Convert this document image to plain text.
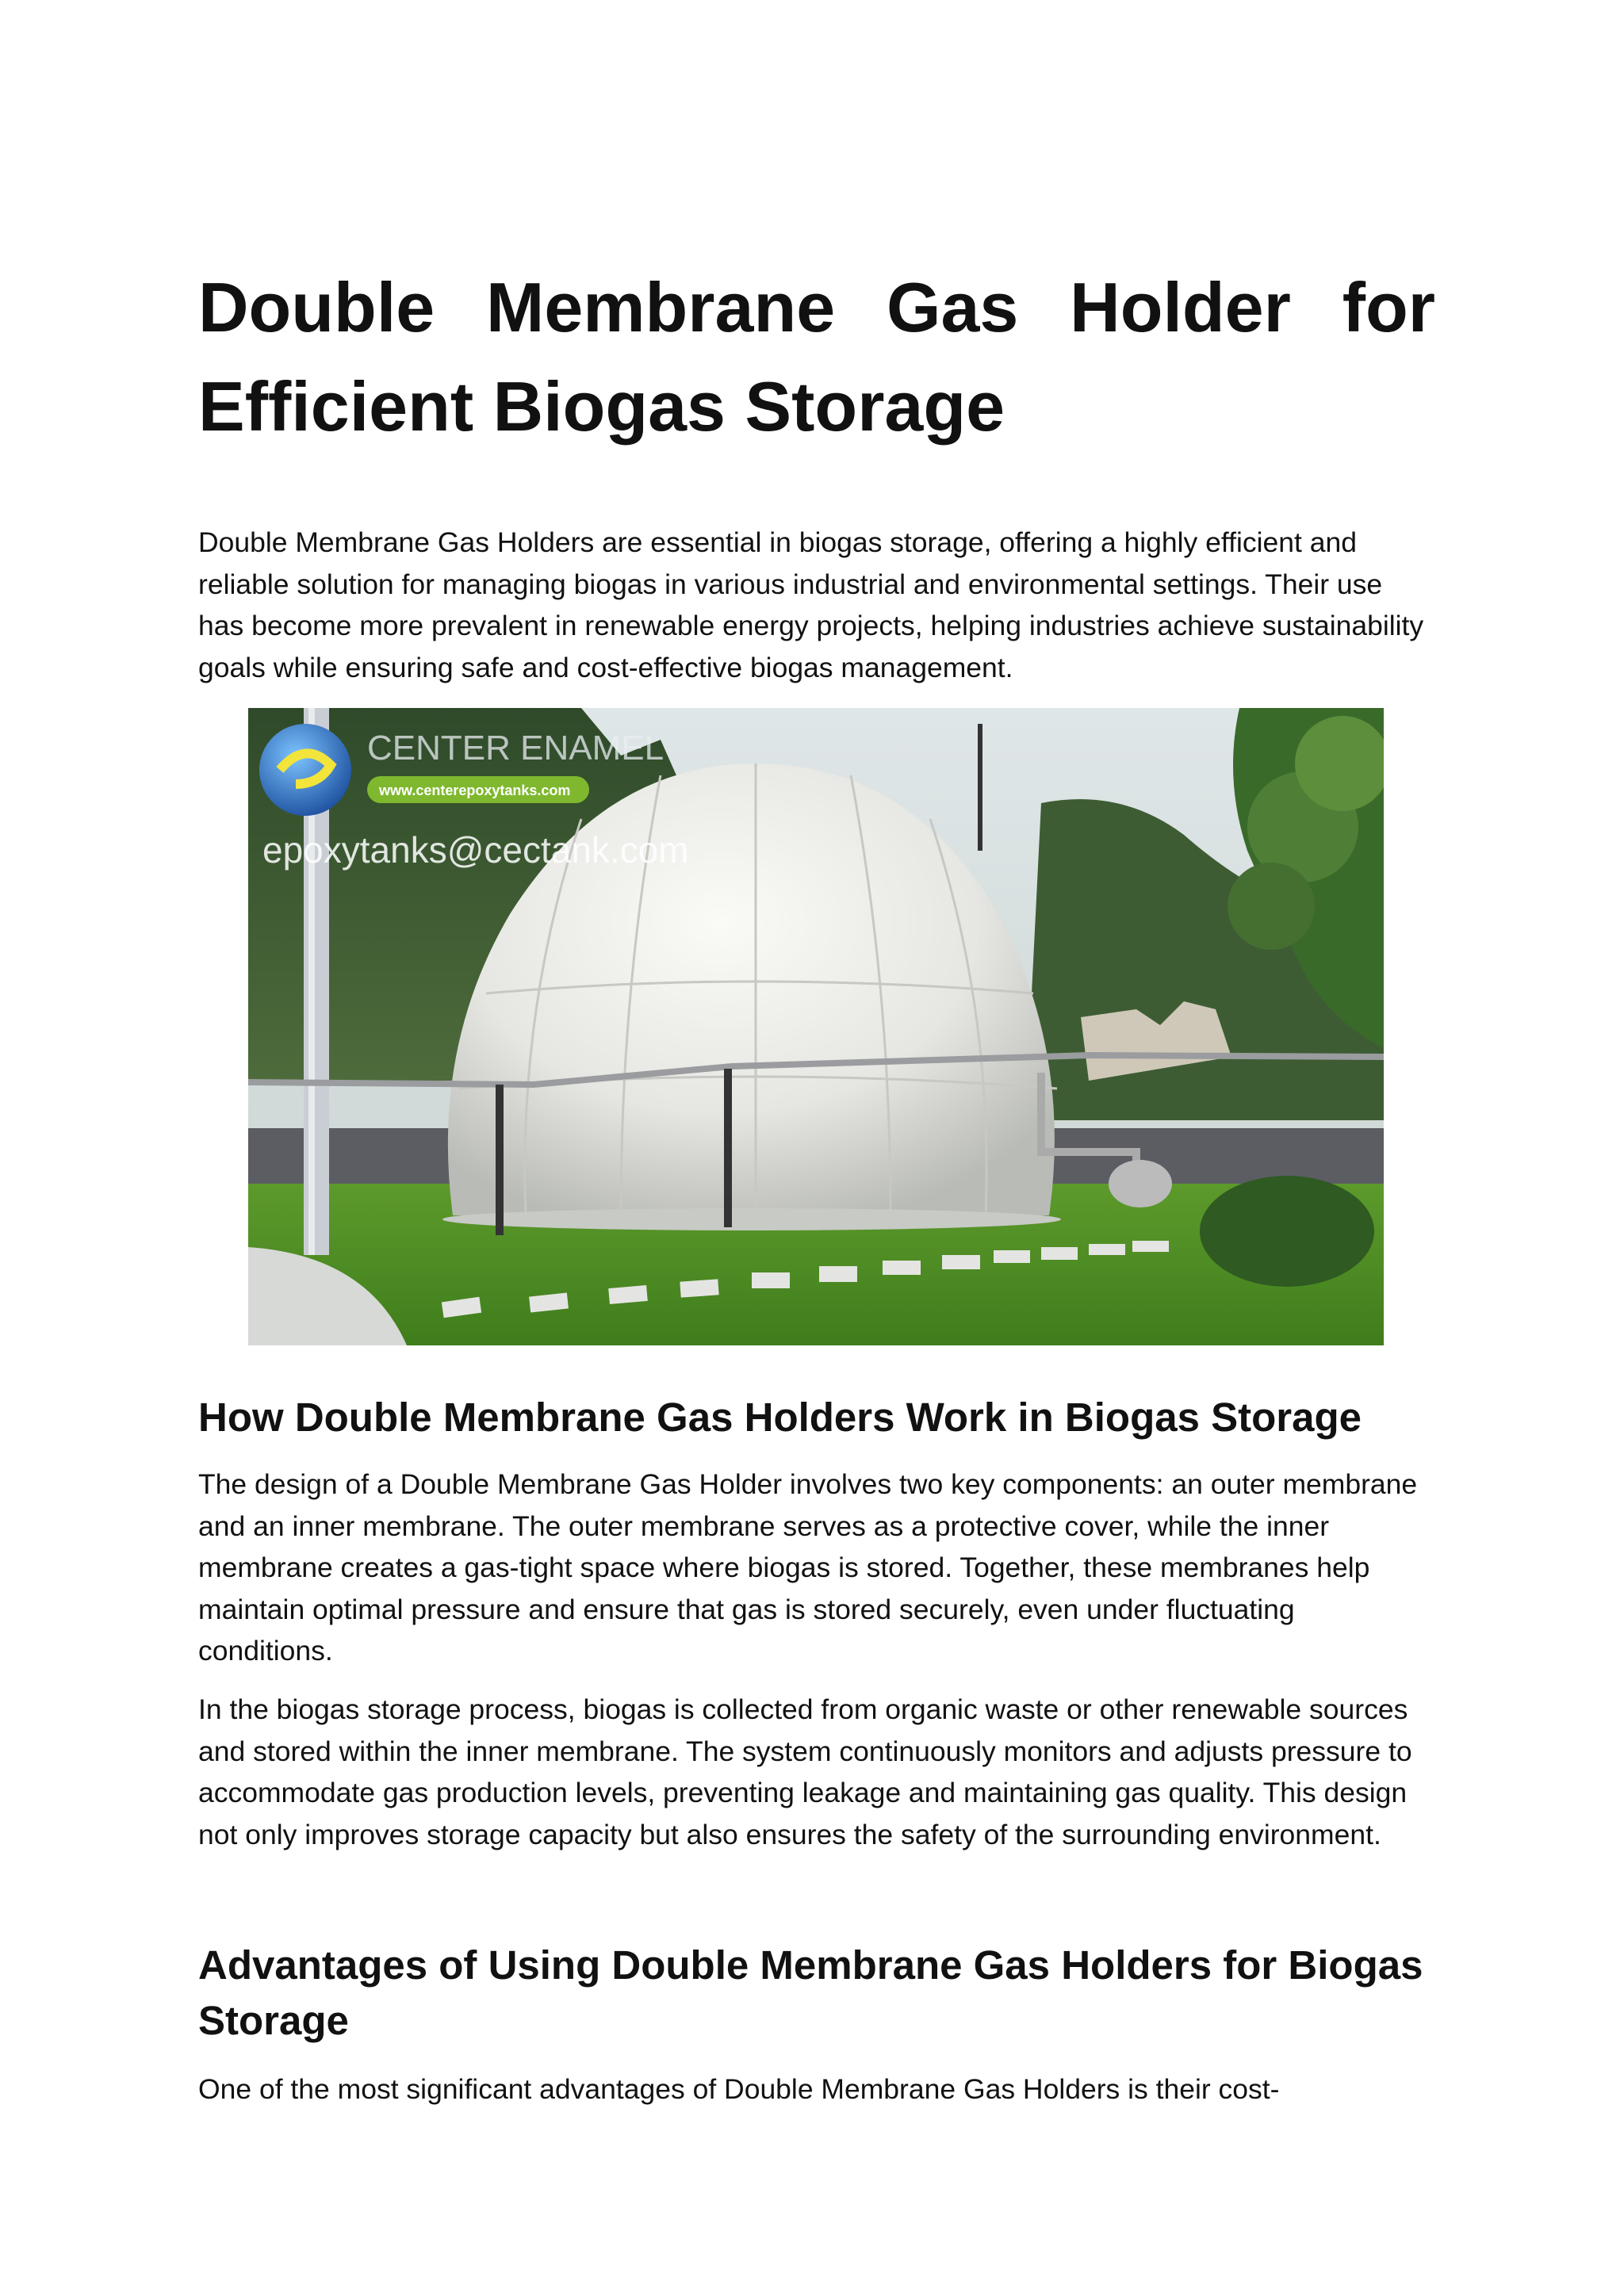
Double Membrane Gas Holder for
Efficient Biogas Storage

Double Membrane Gas Holders are essential in biogas storage, offering a highly efficient and reliable solution for managing biogas in various industrial and environmental settings. Their use has become more prevalent in renewable energy projects, helping industries achieve sustainability goals while ensuring safe and cost-effective biogas management.

CENTER ENAMEL
www.centerepoxytanks.com
epoxytanks@cectank.com
How Double Membrane Gas Holders Work in Biogas Storage

The design of a Double Membrane Gas Holder involves two key components: an outer membrane and an inner membrane. The outer membrane serves as a protective cover, while the inner membrane creates a gas-tight space where biogas is stored. Together, these membranes help maintain optimal pressure and ensure that gas is stored securely, even under fluctuating conditions.

In the biogas storage process, biogas is collected from organic waste or other renewable sources and stored within the inner membrane. The system continuously monitors and adjusts pressure to accommodate gas production levels, preventing leakage and maintaining gas quality. This design not only improves storage capacity but also ensures the safety of the surrounding environment.

Advantages of Using Double Membrane Gas Holders for Biogas Storage

One of the most significant advantages of Double Membrane Gas Holders is their cost-
